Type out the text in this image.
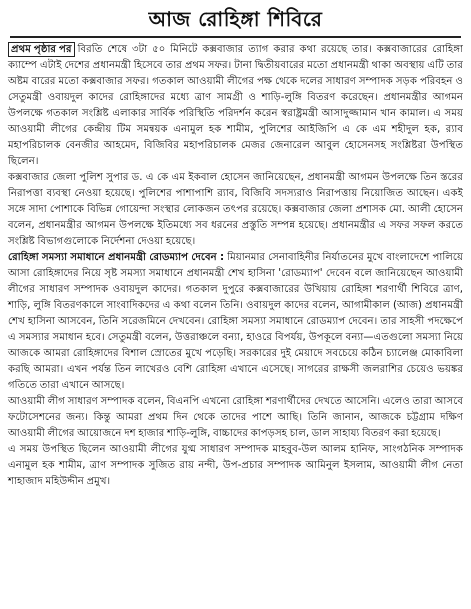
আজ রোহিঙ্গা শিবিরে

প্রথম পৃষ্ঠার পর বিরতি শেষে ৩টা ৫০ মিনিটে কক্সবাজার ত্যাগ করার কথা রয়েছে তার। কক্সবাজারের রোহিঙ্গা ক্যাম্পে এটাই দেশের প্রধানমন্ত্রী হিসেবে তার প্রথম সফর। টানা দ্বিতীয়বারের মতো প্রধানমন্ত্রী থাকা অবস্থায় এটি তার অষ্টম বারের মতো কক্সবাজার সফর। গতকাল আওয়ামী লীগের পক্ষ থেকে দলের সাধারণ সম্পাদক সড়ক পরিবহন ও সেতুমন্ত্রী ওবায়দুল কাদের রোহিঙ্গাদের মধ্যে ত্রাণ সামগ্রী ও শাড়ি-লুঙ্গি বিতরণ করেছেন। প্রধানমন্ত্রীর আগমন উপলক্ষে গতকাল সংশ্লিষ্ট এলাকার সার্বিক পরিস্থিতি পরিদর্শন করেন স্বরাষ্ট্রমন্ত্রী আসাদুজ্জামান খান কামাল। এ সময় আওয়ামী লীগের কেন্দ্রীয় টিম সমন্বয়ক এনামুল হক শামীম, পুলিশের আইজিপি এ কে এম শহীদুল হক, র‌্যাব মহাপরিচালক বেনজীর আহমেদ, বিজিবির মহাপরিচালক মেজর জেনারেল আবুল হোসেনসহ সংশ্লিষ্টরা উপস্থিত ছিলেন।

কক্সবাজার জেলা পুলিশ সুপার ড. এ কে এম ইকবাল হোসেন জানিয়েছেন, প্রধানমন্ত্রী আগমন উপলক্ষে তিন স্তরের নিরাপত্তা ব্যবস্থা নেওয়া হয়েছে। পুলিশের পাশাপাশি র‌্যাব, বিজিবি সদস্যরাও নিরাপত্তায় নিয়োজিত আছেন। একই সঙ্গে সাদা পোশাকে বিভিন্ন গোয়েন্দা সংস্থার লোকজন তৎপর রয়েছে। কক্সবাজার জেলা প্রশাসক মো. আলী হোসেন বলেন, প্রধানমন্ত্রীর আগমন উপলক্ষে ইতিমধ্যে সব ধরনের প্রস্তুতি সম্পন্ন হয়েছে। প্রধানমন্ত্রীর এ সফর সফল করতে সংশ্লিষ্ট বিভাগগুলোকে নির্দেশনা দেওয়া হয়েছে।

রোহিঙ্গা সমস্যা সমাধানে প্রধানমন্ত্রী রোডম্যাপ দেবেন : মিয়ানমার সেনাবাহিনীর নির্যাতনের মুখে বাংলাদেশে পালিয়ে আসা রোহিঙ্গাদের নিয়ে সৃষ্ট সমস্যা সমাধানে প্রধানমন্ত্রী শেখ হাসিনা 'রোডম্যাপ' দেবেন বলে জানিয়েছেন আওয়ামী লীগের সাধারণ সম্পাদক ওবায়দুল কাদের। গতকাল দুপুরে কক্সবাজারের উখিয়ায় রোহিঙ্গা শরণার্থী শিবিরে ত্রাণ, শাড়ি, লুঙ্গি বিতরণকালে সাংবাদিকদের এ কথা বলেন তিনি। ওবায়দুল কাদের বলেন, আগামীকাল (আজ) প্রধানমন্ত্রী শেখ হাসিনা আসবেন, তিনি সরেজমিনে দেখবেন। রোহিঙ্গা সমস্যা সমাধানে রোডম্যাপ দেবেন। তার সাহসী পদক্ষেপে এ সমস্যার সমাধান হবে। সেতুমন্ত্রী বলেন, উত্তরাঞ্চলে বন্যা, হাওরে বিপর্যয়, উপকূলে বন্যা—এতগুলো সমস্যা নিয়ে আজকে আমরা রোহিঙ্গাদের বিশাল স্রোতের মুখে পড়েছি। সরকারের দুই মেয়াদে সবচেয়ে কঠিন চ্যালেঞ্জ মোকাবিলা করছি আমরা। এখন পর্যন্ত তিন লাখেরও বেশি রোহিঙ্গা এখানে এসেছে। সাগরের রাক্ষসী জলরাশির চেয়েও ভয়ঙ্কর গতিতে তারা এখানে আসছে।

আওয়ামী লীগ সাধারণ সম্পাদক বলেন, বিএনপি এখনো রোহিঙ্গা শরণার্থীদের দেখতে আসেনি। এলেও তারা আসবে ফটোসেশনের জন্য। কিন্তু আমরা প্রথম দিন থেকে তাদের পাশে আছি। তিনি জানান, আজকে চট্টগ্রাম দক্ষিণ আওয়ামী লীগের আয়োজনে দশ হাজার শাড়ি-লুঙ্গি, বাচ্চাদের কাপড়সহ চাল, ডাল সাহায্য বিতরণ করা হয়েছে।

এ সময় উপস্থিত ছিলেন আওয়ামী লীগের যুগ্ম সাধারণ সম্পাদক মাহবুব-উল আলম হানিফ, সাংগঠনিক সম্পাদক এনামুল হক শামীম, ত্রাণ সম্পাদক সুজিত রায় নন্দী, উপ-প্রচার সম্পাদক আমিনুল ইসলাম, আওয়ামী লীগ নেতা শাহাজাদ মহিউদ্দীন প্রমুখ।
